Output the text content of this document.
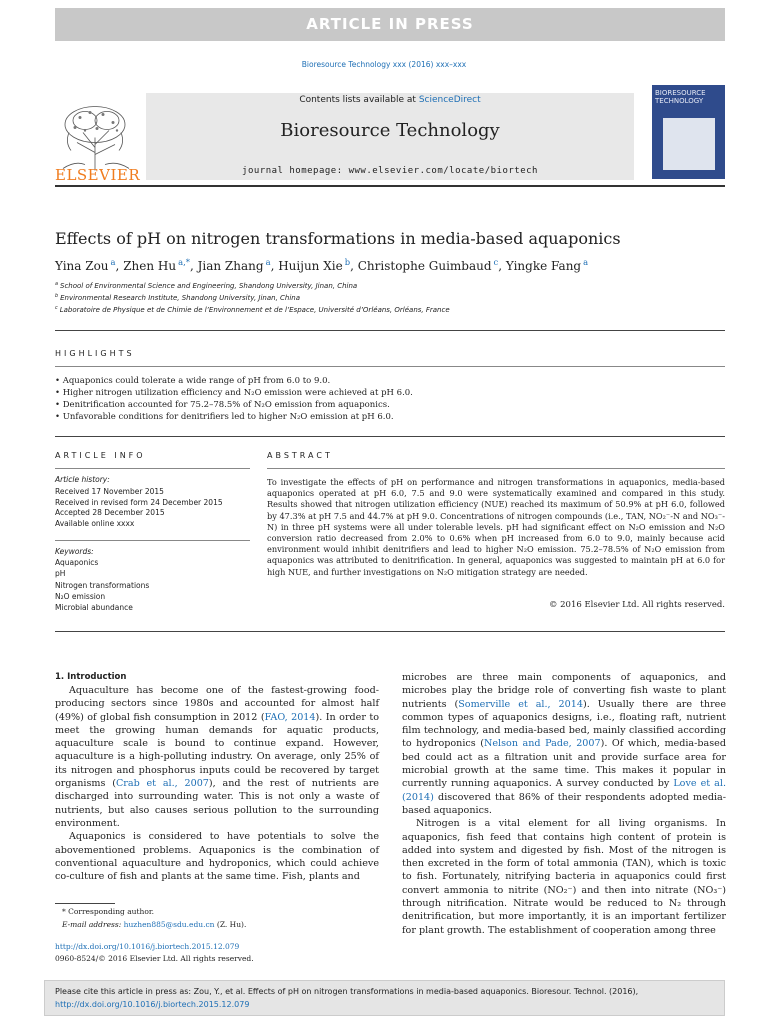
ARTICLE IN PRESS
Bioresource Technology xxx (2016) xxx–xxx
ELSEVIER
Contents lists available at ScienceDirect
Bioresource Technology
journal homepage: www.elsevier.com/locate/biortech
BIORESOURCE TECHNOLOGY
Effects of pH on nitrogen transformations in media-based aquaponics
Yina Zou $^a$, Zhen Hu $^{a,*}$, Jian Zhang $^a$, Huijun Xie $^b$, Christophe Guimbaud $^c$, Yingke Fang $^a$
$^a$ School of Environmental Science and Engineering, Shandong University, Jinan, China
$^b$ Environmental Research Institute, Shandong University, Jinan, China
$^c$ Laboratoire de Physique et de Chimie de l’Environnement et de l’Espace, Université d’Orléans, Orléans, France
HIGHLIGHTS
• Aquaponics could tolerate a wide range of pH from 6.0 to 9.0.
• Higher nitrogen utilization efficiency and N₂O emission were achieved at pH 6.0.
• Denitrification accounted for 75.2–78.5% of N₂O emission from aquaponics.
• Unfavorable conditions for denitrifiers led to higher N₂O emission at pH 6.0.
ARTICLE INFO
Article history:
Received 17 November 2015
Received in revised form 24 December 2015
Accepted 28 December 2015
Available online xxxx
Keywords:
Aquaponics
pH
Nitrogen transformations
N₂O emission
Microbial abundance
ABSTRACT
To investigate the effects of pH on performance and nitrogen transformations in aquaponics, media-based aquaponics operated at pH 6.0, 7.5 and 9.0 were systematically examined and compared in this study. Results showed that nitrogen utilization efficiency (NUE) reached its maximum of 50.9% at pH 6.0, followed by 47.3% at pH 7.5 and 44.7% at pH 9.0. Concentrations of nitrogen compounds (i.e., TAN, NO₂⁻-N and NO₃⁻-N) in three pH systems were all under tolerable levels. pH had significant effect on N₂O emission and N₂O conversion ratio decreased from 2.0% to 0.6% when pH increased from 6.0 to 9.0, mainly because acid environment would inhibit denitrifiers and lead to higher N₂O emission. 75.2–78.5% of N₂O emission from aquaponics was attributed to denitrification. In general, aquaponics was suggested to maintain pH at 6.0 for high NUE, and further investigations on N₂O mitigation strategy are needed.
© 2016 Elsevier Ltd. All rights reserved.
1. Introduction

Aquaculture has become one of the fastest-growing food-producing sectors since 1980s and accounted for almost half (49%) of global fish consumption in 2012 (FAO, 2014). In order to meet the growing human demands for aquatic products, aquaculture scale is bound to continue expand. However, aquaculture is a high-polluting industry. On average, only 25% of its nitrogen and phosphorus inputs could be recovered by target organisms (Crab et al., 2007), and the rest of nutrients are discharged into surrounding water. This is not only a waste of nutrients, but also causes serious pollution to the surrounding environment.

Aquaponics is considered to have potentials to solve the abovementioned problems. Aquaponics is the combination of conventional aquaculture and hydroponics, which could achieve co-culture of fish and plants at the same time. Fish, plants and

microbes are three main components of aquaponics, and microbes play the bridge role of converting fish waste to plant nutrients (Somerville et al., 2014). Usually there are three common types of aquaponics designs, i.e., floating raft, nutrient film technology, and media-based bed, mainly classified according to hydroponics (Nelson and Pade, 2007). Of which, media-based bed could act as a filtration unit and provide surface area for microbial growth at the same time. This makes it popular in currently running aquaponics. A survey conducted by Love et al. (2014) discovered that 86% of their respondents adopted media-based aquaponics.

Nitrogen is a vital element for all living organisms. In aquaponics, fish feed that contains high content of protein is added into system and digested by fish. Most of the nitrogen is then excreted in the form of total ammonia (TAN), which is toxic to fish. Fortunately, nitrifying bacteria in aquaponics could first convert ammonia to nitrite (NO₂⁻) and then into nitrate (NO₃⁻) through nitrification. Nitrate would be reduced to N₂ through denitrification, but more importantly, it is an important fertilizer for plant growth. The establishment of cooperation among three

* Corresponding author.
E-mail address: huzhen885@sdu.edu.cn (Z. Hu).
http://dx.doi.org/10.1016/j.biortech.2015.12.079
0960-8524/© 2016 Elsevier Ltd. All rights reserved.
Please cite this article in press as: Zou, Y., et al. Effects of pH on nitrogen transformations in media-based aquaponics. Bioresour. Technol. (2016), http://dx.doi.org/10.1016/j.biortech.2015.12.079
